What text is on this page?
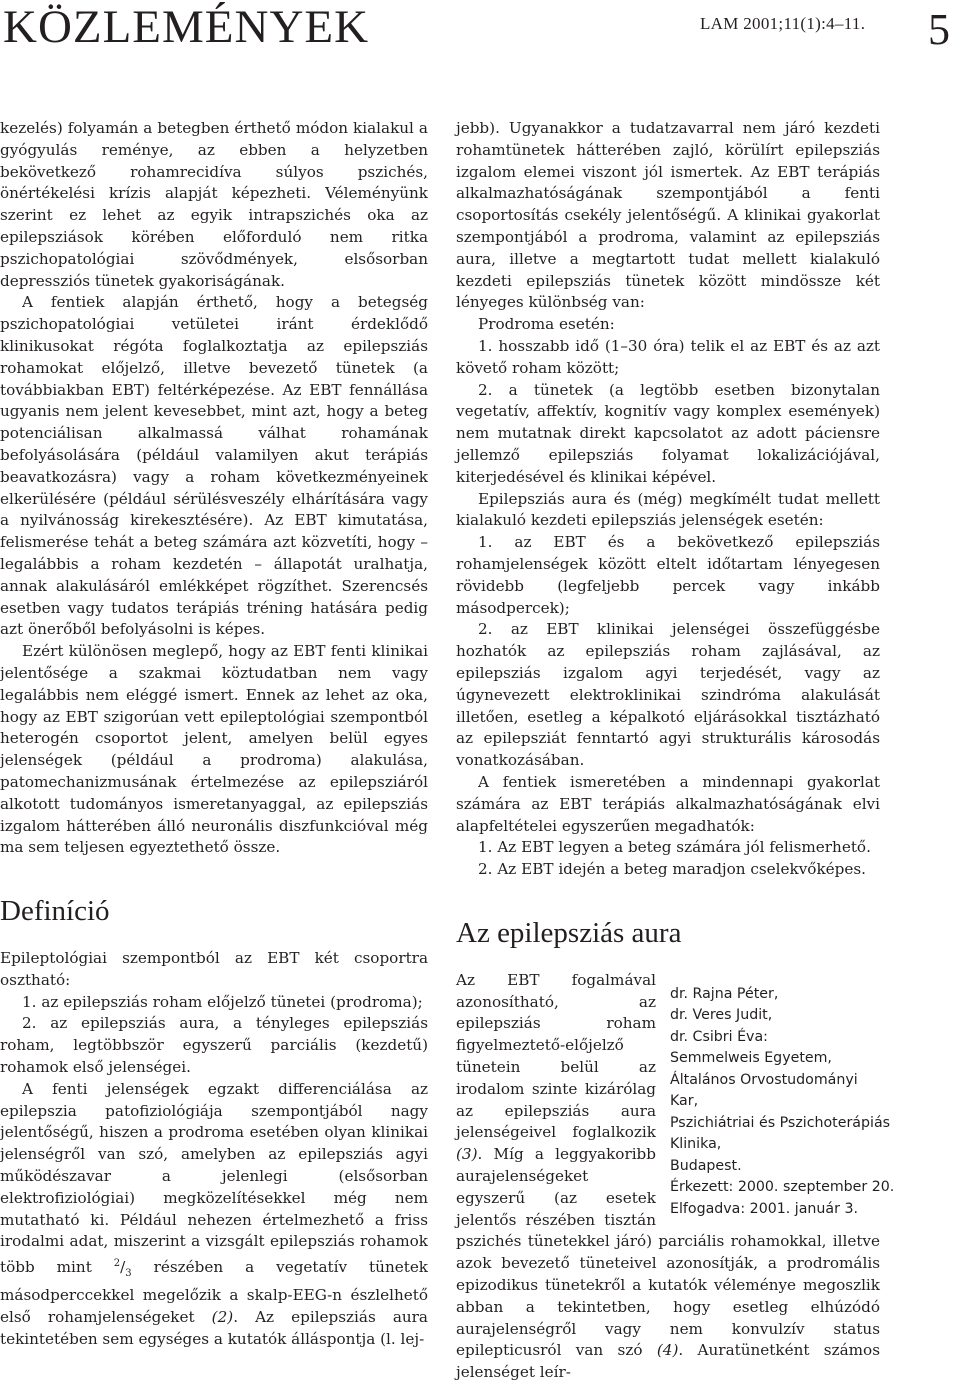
KÖZLEMÉNYEK	LAM 2001;11(1):4–11. 5

kezelés) folyamán a betegben érthető módon kialakul a gyógyulás reménye, az ebben a helyzetben bekövetkező rohamrecidíva súlyos pszichés, önértékelési krízis alapját képezheti. Véleményünk szerint ez lehet az egyik intrapszichés oka az epilepsziások körében előforduló nem ritka pszichopatológiai szövődmények, elsősorban depressziós tünetek gyakoriságának.

A fentiek alapján érthető, hogy a betegség pszichopatológiai vetületei iránt érdeklődő klinikusokat régóta foglalkoztatja az epilepsziás rohamokat előjelző, illetve bevezető tünetek (a továbbiakban EBT) feltérképezése. Az EBT fennállása ugyanis nem jelent kevesebbet, mint azt, hogy a beteg potenciálisan alkalmassá válhat rohamának befolyásolására (például valamilyen akut terápiás beavatkozásra) vagy a roham következményeinek elkerülésére (például sérülésveszély elhárítására vagy a nyilvánosság kirekesztésére). Az EBT kimutatása, felismerése tehát a beteg számára azt közvetíti, hogy – legalábbis a roham kezdetén – állapotát uralhatja, annak alakulásáról emlékképet rögzíthet. Szerencsés esetben vagy tudatos terápiás tréning hatására pedig azt önerőből befolyásolni is képes.

Ezért különösen meglepő, hogy az EBT fenti klinikai jelentősége a szakmai köztudatban nem vagy legalábbis nem eléggé ismert. Ennek az lehet az oka, hogy az EBT szigorúan vett epileptológiai szempontból heterogén csoportot jelent, amelyen belül egyes jelenségek (például a prodroma) alakulása, patomechanizmusának értelmezése az epilepsziáról alkotott tudományos ismeretanyaggal, az epilepsziás izgalom hátterében álló neuronális diszfunkcióval még ma sem teljesen egyeztethető össze.

Definíció

Epileptológiai szempontból az EBT két csoportra osztható:

1. az epilepsziás roham előjelző tünetei (prodroma);

2. az epilepsziás aura, a tényleges epilepsziás roham, legtöbbször egyszerű parciális (kezdetű) rohamok első jelenségei.

A fenti jelenségek egzakt differenciálása az epilepszia patofiziológiája szempontjából nagy jelentőségű, hiszen a prodroma esetében olyan klinikai jelenségről van szó, amelyben az epilepsziás agyi működészavar a jelenlegi (elsősorban elektrofiziológiai) megközelítésekkel még nem mutatható ki. Például nehezen értelmezhető a friss irodalmi adat, miszerint a vizsgált epilepsziás rohamok több mint $^2/_3$ részében a vegetatív tünetek másodperccekkel megelőzik a skalp-EEG-n észlelhető első rohamjelenségeket (2). Az epilepsziás aura tekintetében sem egységes a kutatók álláspontja (l. lej-

jebb). Ugyanakkor a tudatzavarral nem járó kezdeti rohamtünetek hátterében zajló, körülírt epilepsziás izgalom elemei viszont jól ismertek. Az EBT terápiás alkalmazhatóságának szempontjából a fenti csoportosítás csekély jelentőségű. A klinikai gyakorlat szempontjából a prodroma, valamint az epilepsziás aura, illetve a megtartott tudat mellett kialakuló kezdeti epilepsziás tünetek között mindössze két lényeges különbség van:

Prodroma esetén:

1. hosszabb idő (1–30 óra) telik el az EBT és az azt követő roham között;

2. a tünetek (a legtöbb esetben bizonytalan vegetatív, affektív, kognitív vagy komplex események) nem mutatnak direkt kapcsolatot az adott páciensre jellemző epilepsziás folyamat lokalizációjával, kiterjedésével és klinikai képével.

Epilepsziás aura és (még) megkímélt tudat mellett kialakuló kezdeti epilepsziás jelenségek esetén:

1. az EBT és a bekövetkező epilepsziás rohamjelenségek között eltelt időtartam lényegesen rövidebb (legfeljebb percek vagy inkább másodpercek);

2. az EBT klinikai jelenségei összefüggésbe hozhatók az epilepsziás roham zajlásával, az epilepsziás izgalom agyi terjedését, vagy az úgynevezett elektroklinikai szindróma alakulását illetően, esetleg a képalkotó eljárásokkal tisztázható az epilepsziát fenntartó agyi strukturális károsodás vonatkozásában.

A fentiek ismeretében a mindennapi gyakorlat számára az EBT terápiás alkalmazhatóságának elvi alapfeltételei egyszerűen megadhatók:

1. Az EBT legyen a beteg számára jól felismerhető.

2. Az EBT idején a beteg maradjon cselekvőképes.

Az epilepsziás aura
dr. Rajna Péter,
dr. Veres Judit,
dr. Csibri Éva:
Semmelweis Egyetem,
Általános Orvostudományi
Kar,
Pszichiátriai és Pszichoterápiás
Klinika,
Budapest.
Érkezett: 2000. szeptember 20.
Elfogadva: 2001. január 3.

Az EBT fogalmával azonosítható, az epilepsziás roham figyelmeztető-előjelző tünetein belül az irodalom szinte kizárólag az epilepsziás aura jelenségeivel foglalkozik (3). Míg a leggyakoribb aurajelenségeket egyszerű (az esetek jelentős részében tisztán pszichés tünetekkel járó) parciális rohamokkal, illetve azok bevezető tüneteivel azonosítják, a prodromális epizodikus tünetekről a kutatók véleménye megoszlik abban a tekintetben, hogy esetleg elhúzódó aurajelenségről vagy nem konvulzív status epilepticusról van szó (4). Auratünetként számos jelenséget leír-
